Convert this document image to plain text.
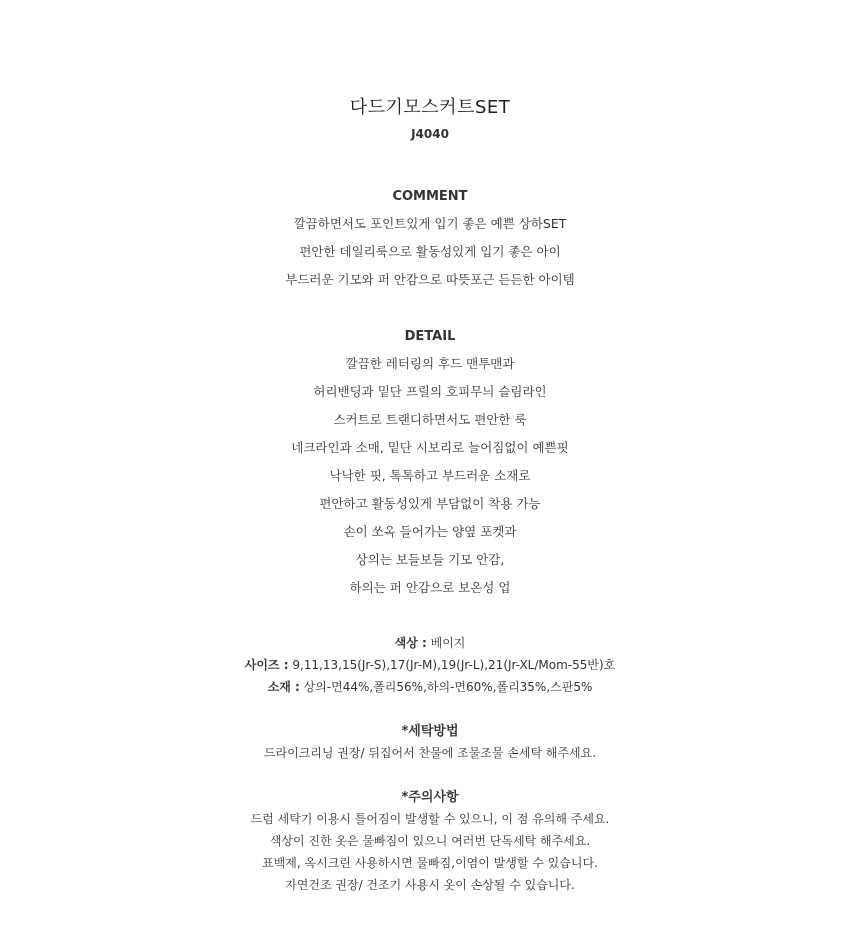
다드기모스커트SET
J4040
COMMENT
깔끔하면서도 포인트있게 입기 좋은 예쁜 상하SET
편안한 데일리룩으로 활동성있게 입기 좋은 아이
부드러운 기모와 퍼 안감으로 따뜻포근 든든한 아이템
DETAIL
깔끔한 레터링의 후드 맨투맨과
허리밴딩과 밑단 프릴의 호피무늬 슬림라인
스커트로 트랜디하면서도 편안한 룩
네크라인과 소매, 밑단 시보리로 늘어짐없이 예쁜핏
낙낙한 핏, 톡톡하고 부드러운 소재로
편안하고 활동성있게 부담없이 착용 가능
손이 쏘옥 들어가는 양옆 포켓과
상의는 보들보들 기모 안감,
하의는 퍼 안감으로 보온성 업
색상 : 베이지
사이즈 : 9,11,13,15(Jr-S),17(Jr-M),19(Jr-L),21(Jr-XL/Mom-55반)호
소재 : 상의-면44%,폴리56%,하의-면60%,폴리35%,스판5%
*세탁방법
드라이크리닝 권장/ 뒤집어서 찬물에 조물조물 손세탁 해주세요.
*주의사항
드럼 세탁기 이용시 틀어짐이 발생할 수 있으니, 이 점 유의해 주세요.
색상이 진한 옷은 물빠짐이 있으니 여러번 단독세탁 해주세요.
표백제, 옥시크린 사용하시면 물빠짐,이염이 발생할 수 있습니다.
자연건조 권장/ 건조기 사용시 옷이 손상될 수 있습니다.
